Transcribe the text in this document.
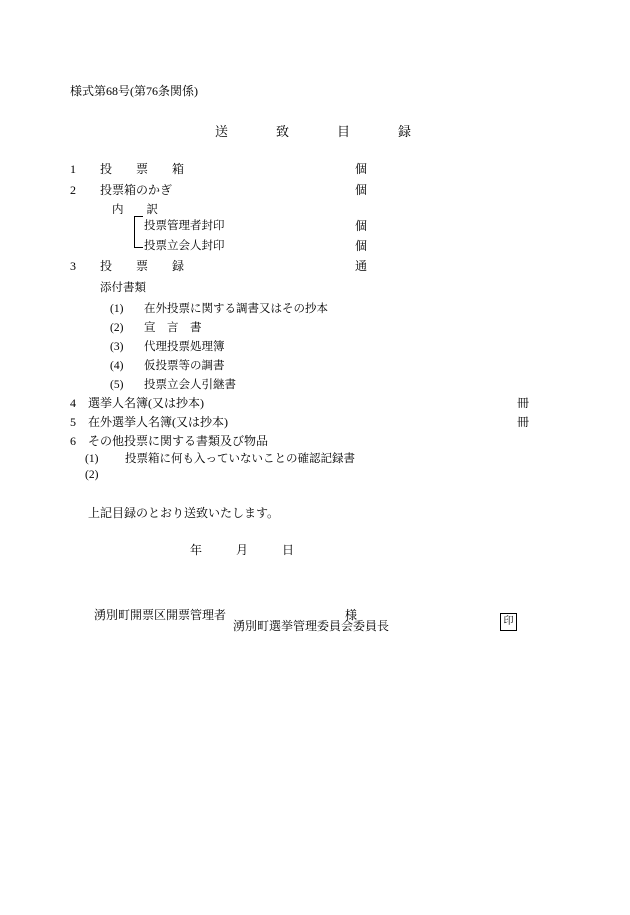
様式第68号(第76条関係)
送	致	目	録
1　　 投　　票　　箱	個
2　　 投票箱のかぎ	個
内　　訳
投票管理者封印	個
投票立会人封印	個
3　　 投　　票　　録	通
添付書類
(1) 在外投票に関する調書又はその抄本
(2) 宣　言　書
(3) 代理投票処理簿
(4) 仮投票等の調書
(5) 投票立会人引継書
4　 選挙人名簿(又は抄本)	冊
5　 在外選挙人名簿(又は抄本)	冊
6　 その他投票に関する書類及び物品
(1) 投票箱に何も入っていないことの確認記録書
(2)
上記目録のとおり送致いたします。
年	月	日
湧別町開票区開票管理者	様
湧別町選挙管理委員会委員長	印
